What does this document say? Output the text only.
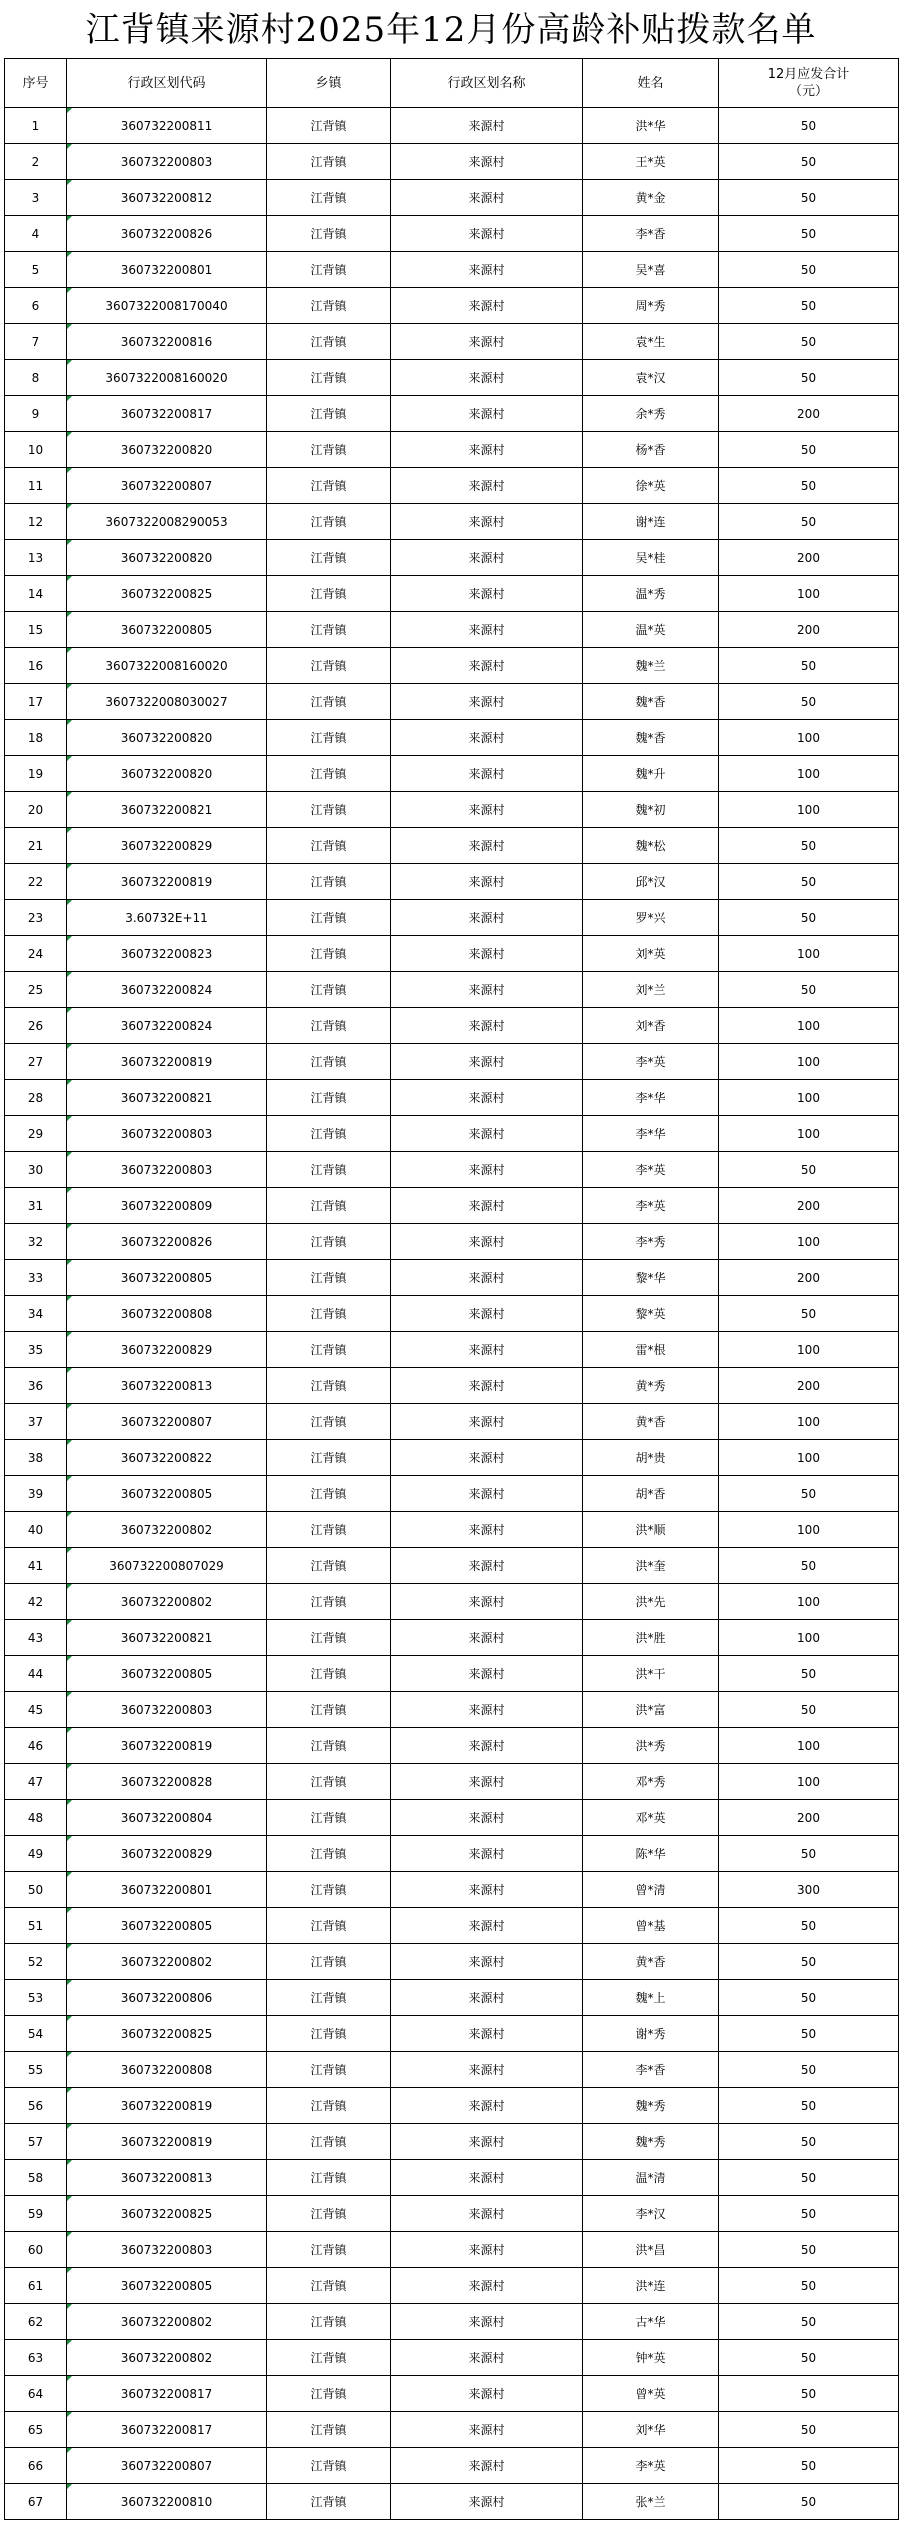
江背镇来源村2025年12月份高龄补贴拨款名单
序号	行政区划代码	乡镇	行政区划名称	姓名	12月应发合计
（元）
1	360732200811	江背镇	来源村	洪*华	50
2	360732200803	江背镇	来源村	王*英	50
3	360732200812	江背镇	来源村	黄*金	50
4	360732200826	江背镇	来源村	李*香	50
5	360732200801	江背镇	来源村	吴*喜	50
6	3607322008170040	江背镇	来源村	周*秀	50
7	360732200816	江背镇	来源村	袁*生	50
8	3607322008160020	江背镇	来源村	袁*汉	50
9	360732200817	江背镇	来源村	余*秀	200
10	360732200820	江背镇	来源村	杨*香	50
11	360732200807	江背镇	来源村	徐*英	50
12	3607322008290053	江背镇	来源村	谢*连	50
13	360732200820	江背镇	来源村	吴*桂	200
14	360732200825	江背镇	来源村	温*秀	100
15	360732200805	江背镇	来源村	温*英	200
16	3607322008160020	江背镇	来源村	魏*兰	50
17	3607322008030027	江背镇	来源村	魏*香	50
18	360732200820	江背镇	来源村	魏*香	100
19	360732200820	江背镇	来源村	魏*升	100
20	360732200821	江背镇	来源村	魏*初	100
21	360732200829	江背镇	来源村	魏*松	50
22	360732200819	江背镇	来源村	邱*汉	50
23	3.60732E+11	江背镇	来源村	罗*兴	50
24	360732200823	江背镇	来源村	刘*英	100
25	360732200824	江背镇	来源村	刘*兰	50
26	360732200824	江背镇	来源村	刘*香	100
27	360732200819	江背镇	来源村	李*英	100
28	360732200821	江背镇	来源村	李*华	100
29	360732200803	江背镇	来源村	李*华	100
30	360732200803	江背镇	来源村	李*英	50
31	360732200809	江背镇	来源村	李*英	200
32	360732200826	江背镇	来源村	李*秀	100
33	360732200805	江背镇	来源村	黎*华	200
34	360732200808	江背镇	来源村	黎*英	50
35	360732200829	江背镇	来源村	雷*根	100
36	360732200813	江背镇	来源村	黄*秀	200
37	360732200807	江背镇	来源村	黄*香	100
38	360732200822	江背镇	来源村	胡*贵	100
39	360732200805	江背镇	来源村	胡*香	50
40	360732200802	江背镇	来源村	洪*顺	100
41	360732200807029	江背镇	来源村	洪*奎	50
42	360732200802	江背镇	来源村	洪*先	100
43	360732200821	江背镇	来源村	洪*胜	100
44	360732200805	江背镇	来源村	洪*干	50
45	360732200803	江背镇	来源村	洪*富	50
46	360732200819	江背镇	来源村	洪*秀	100
47	360732200828	江背镇	来源村	邓*秀	100
48	360732200804	江背镇	来源村	邓*英	200
49	360732200829	江背镇	来源村	陈*华	50
50	360732200801	江背镇	来源村	曾*清	300
51	360732200805	江背镇	来源村	曾*基	50
52	360732200802	江背镇	来源村	黄*香	50
53	360732200806	江背镇	来源村	魏*上	50
54	360732200825	江背镇	来源村	谢*秀	50
55	360732200808	江背镇	来源村	李*香	50
56	360732200819	江背镇	来源村	魏*秀	50
57	360732200819	江背镇	来源村	魏*秀	50
58	360732200813	江背镇	来源村	温*清	50
59	360732200825	江背镇	来源村	李*汉	50
60	360732200803	江背镇	来源村	洪*昌	50
61	360732200805	江背镇	来源村	洪*连	50
62	360732200802	江背镇	来源村	古*华	50
63	360732200802	江背镇	来源村	钟*英	50
64	360732200817	江背镇	来源村	曾*英	50
65	360732200817	江背镇	来源村	刘*华	50
66	360732200807	江背镇	来源村	李*英	50
67	360732200810	江背镇	来源村	张*兰	50
